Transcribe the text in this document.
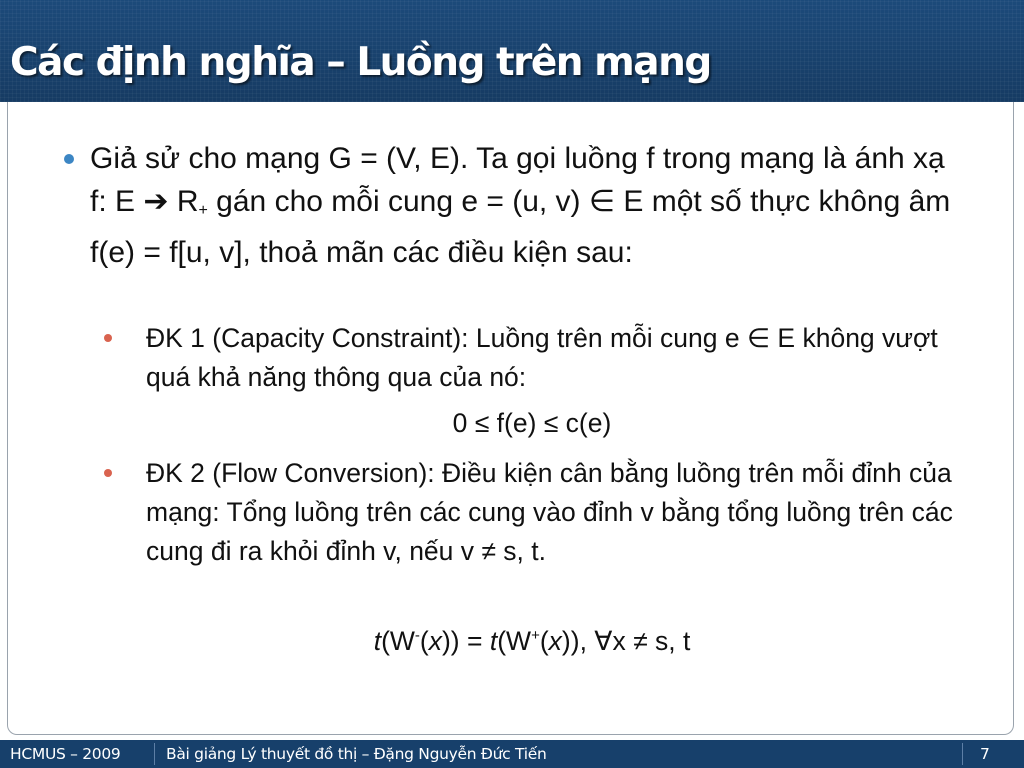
Các định nghĩa – Luồng trên mạng
Giả sử cho mạng G = (V, E). Ta gọi luồng f trong mạng là ánh xạ f: E ➔ $R_+$ gán cho mỗi cung e = (u, v) ∈ E một số thực không âm f(e) = f[u, v], thoả mãn các điều kiện sau:
ĐK 1 (Capacity Constraint): Luồng trên mỗi cung e ∈ E không vượt quá khả năng thông qua của nó:
0 ≤ f(e) ≤ c(e)
ĐK 2 (Flow Conversion): Điều kiện cân bằng luồng trên mỗi đỉnh của mạng: Tổng luồng trên các cung vào đỉnh v bằng tổng luồng trên các cung đi ra khỏi đỉnh v, nếu v ≠ s, t.
t(W-(x)) = t(W+(x)), ∀x ≠ s, t
HCMUS – 2009	Bài giảng Lý thuyết đồ thị – Đặng Nguyễn Đức Tiến	7
